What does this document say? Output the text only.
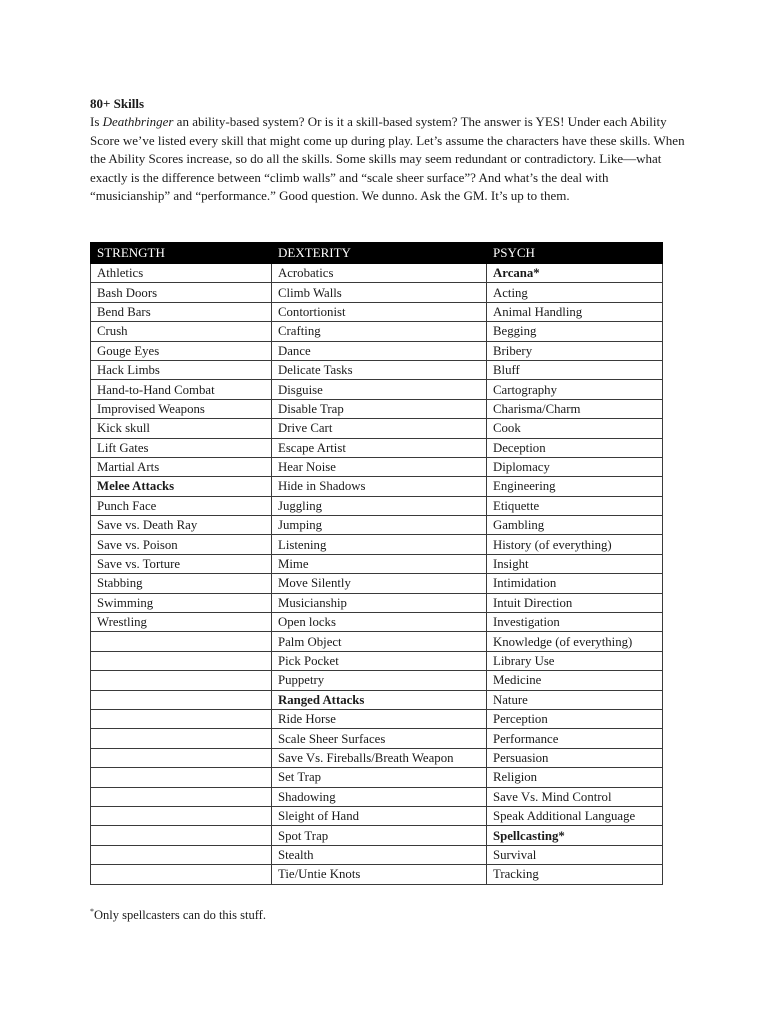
80+ Skills

Is Deathbringer an ability-based system? Or is it a skill-based system? The answer is YES! Under each Ability Score we’ve listed every skill that might come up during play. Let’s assume the characters have these skills. When the Ability Scores increase, so do all the skills. Some skills may seem redundant or contradictory. Like—what exactly is the difference between “climb walls” and “scale sheer surface”? And what’s the deal with “musicianship” and “performance.” Good question. We dunno. Ask the GM. It’s up to them.

STRENGTH	DEXTERITY	PSYCH
Athletics	Acrobatics	Arcana*
Bash Doors	Climb Walls	Acting
Bend Bars	Contortionist	Animal Handling
Crush	Crafting	Begging
Gouge Eyes	Dance	Bribery
Hack Limbs	Delicate Tasks	Bluff
Hand-to-Hand Combat	Disguise	Cartography
Improvised Weapons	Disable Trap	Charisma/Charm
Kick skull	Drive Cart	Cook
Lift Gates	Escape Artist	Deception
Martial Arts	Hear Noise	Diplomacy
Melee Attacks	Hide in Shadows	Engineering
Punch Face	Juggling	Etiquette
Save vs. Death Ray	Jumping	Gambling
Save vs. Poison	Listening	History (of everything)
Save vs. Torture	Mime	Insight
Stabbing	Move Silently	Intimidation
Swimming	Musicianship	Intuit Direction
Wrestling	Open locks	Investigation
	Palm Object	Knowledge (of everything)
	Pick Pocket	Library Use
	Puppetry	Medicine
	Ranged Attacks	Nature
	Ride Horse	Perception
	Scale Sheer Surfaces	Performance
	Save Vs. Fireballs/Breath Weapon	Persuasion
	Set Trap	Religion
	Shadowing	Save Vs. Mind Control
	Sleight of Hand	Speak Additional Language
	Spot Trap	Spellcasting*
	Stealth	Survival
	Tie/Untie Knots	Tracking
*Only spellcasters can do this stuff.
